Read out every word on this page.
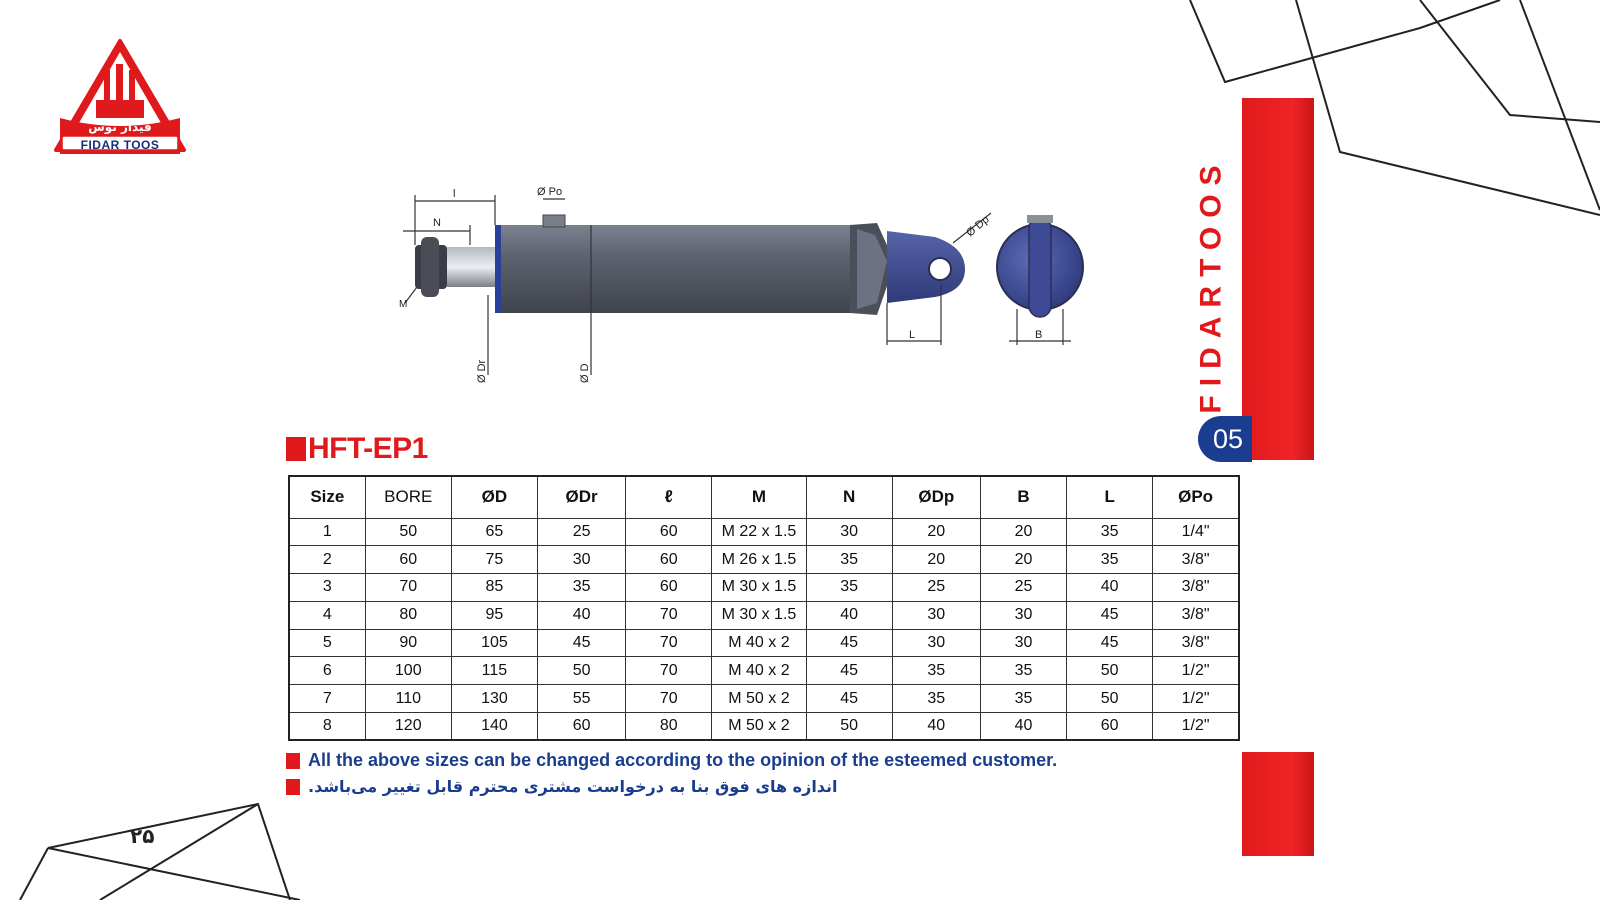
فیدار توس
FIDAR TOOS
FIDARTOOS
05
l
N
M
Ø Po
Ø Dr	Ø D
Ø Dp
L	B
HFT-EP1
Size	BORE	ØD	ØDr	ℓ	M	N	ØDp	B	L	ØPo
1	50	65	25	60	M 22 x 1.5	30	20	20	35	1/4"
2	60	75	30	60	M 26 x 1.5	35	20	20	35	3/8"
3	70	85	35	60	M 30 x 1.5	35	25	25	40	3/8"
4	80	95	40	70	M 30 x 1.5	40	30	30	45	3/8"
5	90	105	45	70	M 40 x 2	45	30	30	45	3/8"
6	100	115	50	70	M 40 x 2	45	35	35	50	1/2"
7	110	130	55	70	M 50 x 2	45	35	35	50	1/2"
8	120	140	60	80	M 50 x 2	50	40	40	60	1/2"
All the above sizes can be changed according to the opinion of the esteemed customer.
اندازه های فوق بنا به درخواست مشتری محترم قابل تغییر می‌باشد.
۲۵
